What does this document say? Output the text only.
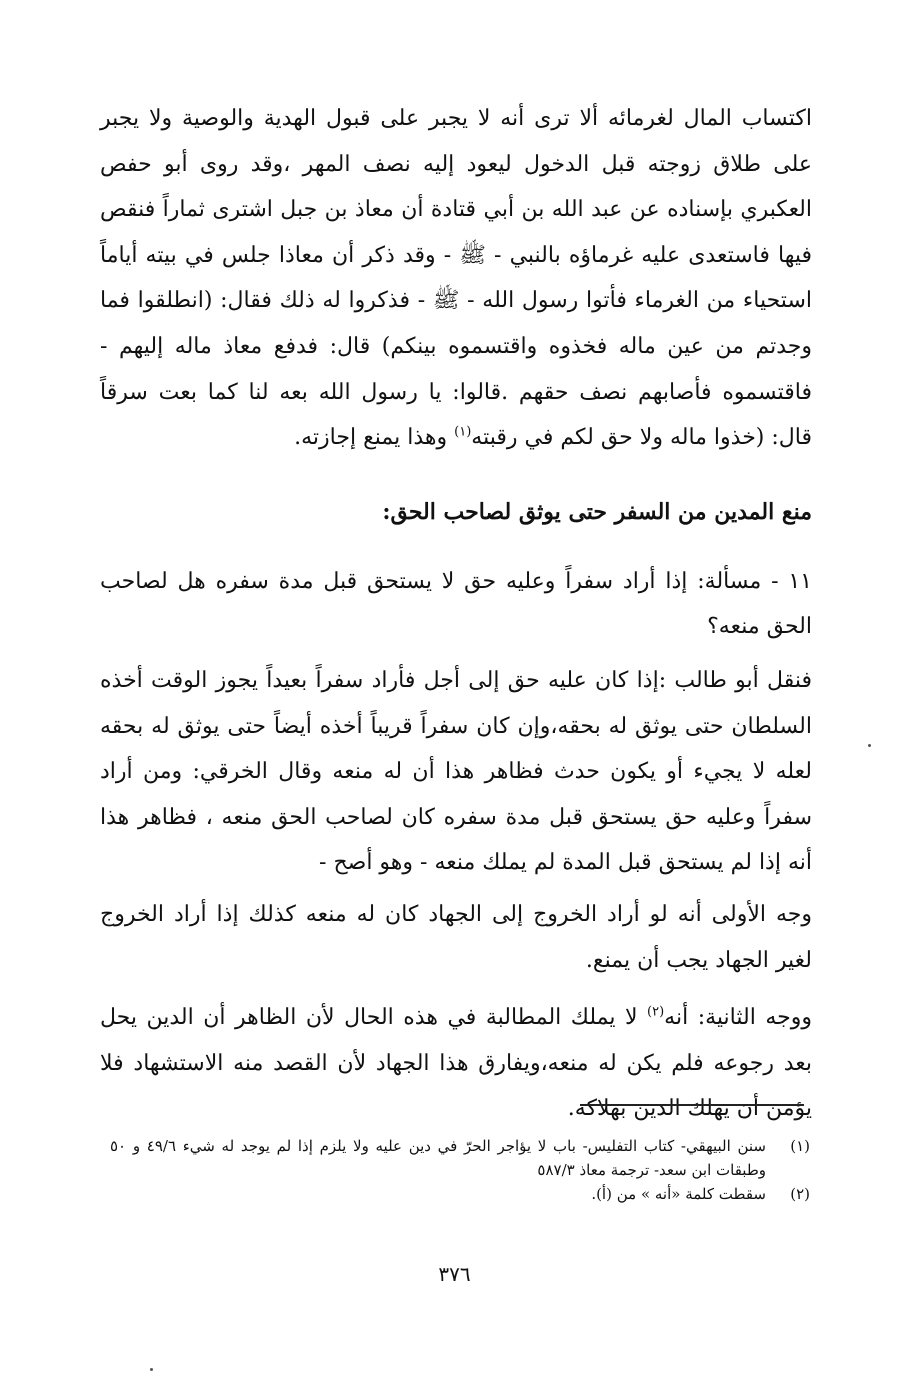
اكتساب المال لغرمائه ألا ترى أنه لا يجبر على قبول الهدية والوصية ولا يجبر على طلاق زوجته قبل الدخول ليعود إليه نصف المهر ،وقد روى أبو حفص العكبري بإسناده عن عبد الله بن أبي قتادة أن معاذ بن جبل اشترى ثماراً فنقص فيها فاستعدى عليه غرماؤه بالنبي - ﷺ - وقد ذكر أن معاذا جلس في بيته أياماً استحياء من الغرماء فأتوا رسول الله - ﷺ - فذكروا له ذلك فقال: (انطلقوا فما وجدتم من عين ماله فخذوه واقتسموه بينكم) قال: فدفع معاذ ماله إليهم - فاقتسموه فأصابهم نصف حقهم .قالوا: يا رسول الله بعه لنا كما بعت سرقاً قال: (خذوا ماله ولا حق لكم في رقبته$^{(١)}$ وهذا يمنع إجازته.

منع المدين من السفر حتى يوثق لصاحب الحق:

١١ - مسألة: إذا أراد سفراً وعليه حق لا يستحق قبل مدة سفره هل لصاحب الحق منعه؟

فنقل أبو طالب :إذا كان عليه حق إلى أجل فأراد سفراً بعيداً يجوز الوقت أخذه السلطان حتى يوثق له بحقه،وإن كان سفراً قريباً أخذه أيضاً حتى يوثق له بحقه لعله لا يجيء أو يكون حدث فظاهر هذا أن له منعه وقال الخرقي: ومن أراد سفراً وعليه حق يستحق قبل مدة سفره كان لصاحب الحق منعه ، فظاهر هذا أنه إذا لم يستحق قبل المدة لم يملك منعه - وهو أصح -

وجه الأولى أنه لو أراد الخروج إلى الجهاد كان له منعه كذلك إذا أراد الخروج لغير الجهاد يجب أن يمنع.

ووجه الثانية: أنه$^{(٢)}$ لا يملك المطالبة في هذه الحال لأن الظاهر أن الدين يحل بعد رجوعه فلم يكن له منعه،ويفارق هذا الجهاد لأن القصد منه الاستشهاد فلا يؤمن أن يهلك الدين بهلاكه.

(١)
سنن البيهقي- كتاب التفليس- باب لا يؤاجر الحرّ في دين عليه ولا يلزم إذا لم يوجد له شيء ٤٩/٦ و ٥٠ وطبقات ابن سعد- ترجمة معاذ ٥٨٧/٣
(٢)
سقطت كلمة «أنه » من (أ).
٣٧٦
